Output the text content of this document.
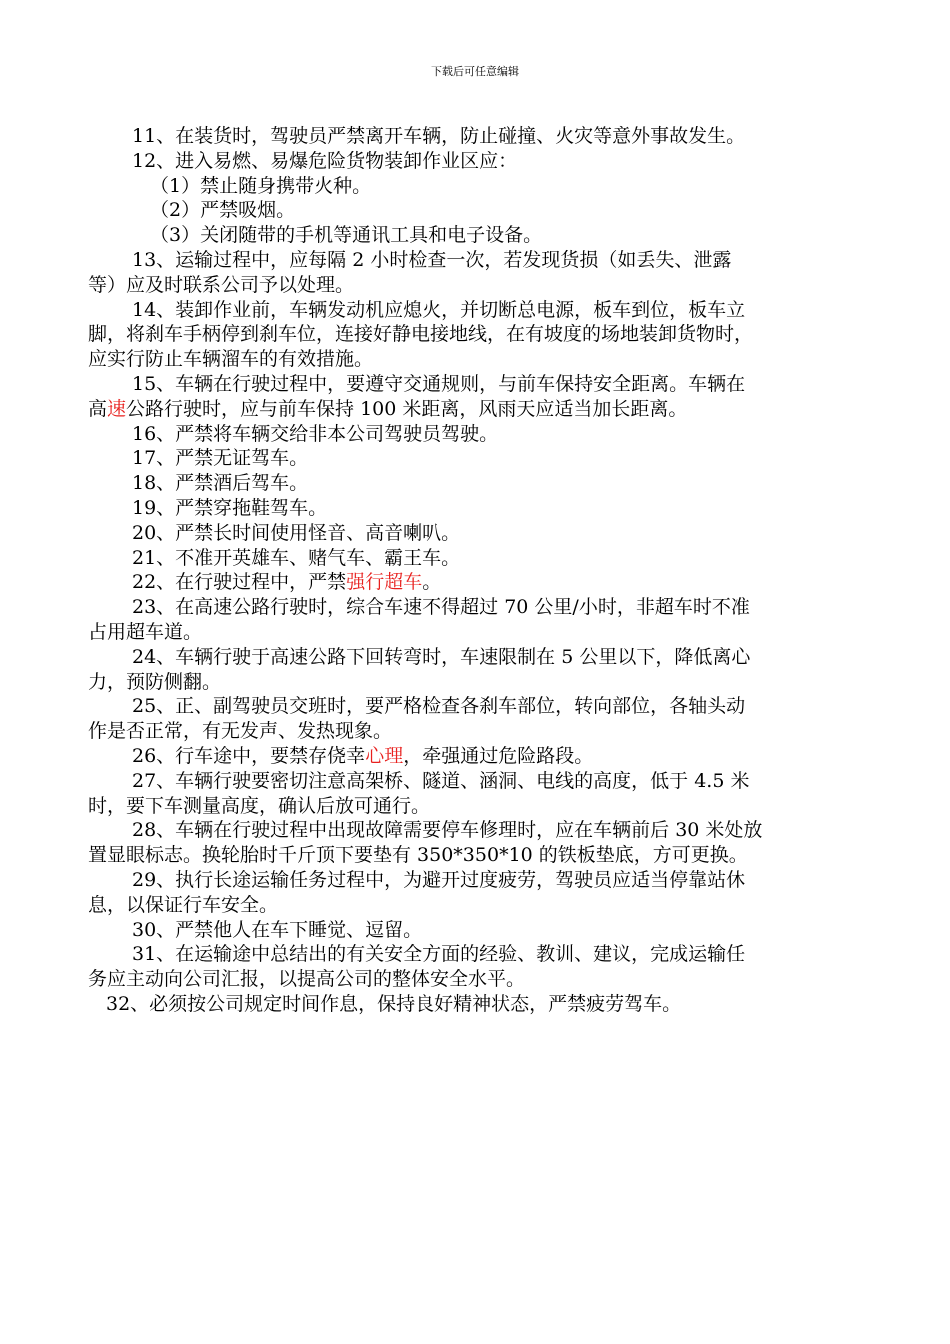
下载后可任意编辑
11、在装货时，驾驶员严禁离开车辆，防止碰撞、火灾等意外事故发生。
12、进入易燃、易爆危险货物装卸作业区应：
（1）禁止随身携带火种。
（2）严禁吸烟。
（3）关闭随带的手机等通讯工具和电子设备。
13、运输过程中，应每隔 2 小时检查一次，若发现货损（如丢失、泄露
等）应及时联系公司予以处理。
14、装卸作业前，车辆发动机应熄火，并切断总电源，板车到位，板车立
脚，将刹车手柄停到刹车位，连接好静电接地线，在有坡度的场地装卸货物时，
应实行防止车辆溜车的有效措施。
15、车辆在行驶过程中，要遵守交通规则，与前车保持安全距离。车辆在
高速公路行驶时，应与前车保持 100 米距离，风雨天应适当加长距离。
16、严禁将车辆交给非本公司驾驶员驾驶。
17、严禁无证驾车。
18、严禁酒后驾车。
19、严禁穿拖鞋驾车。
20、严禁长时间使用怪音、高音喇叭。
21、不准开英雄车、赌气车、霸王车。
22、在行驶过程中，严禁强行超车。
23、在高速公路行驶时，综合车速不得超过 70 公里/小时，非超车时不准
占用超车道。
24、车辆行驶于高速公路下回转弯时，车速限制在 5 公里以下，降低离心
力，预防侧翻。
25、正、副驾驶员交班时，要严格检查各刹车部位，转向部位，各轴头动
作是否正常，有无发声、发热现象。
26、行车途中，要禁存侥幸心理，牵强通过危险路段。
27、车辆行驶要密切注意高架桥、隧道、涵洞、电线的高度，低于 4.5 米
时，要下车测量高度，确认后放可通行。
28、车辆在行驶过程中出现故障需要停车修理时，应在车辆前后 30 米处放
置显眼标志。换轮胎时千斤顶下要垫有 350*350*10 的铁板垫底，方可更换。
29、执行长途运输任务过程中，为避开过度疲劳，驾驶员应适当停靠站休
息，以保证行车安全。
30、严禁他人在车下睡觉、逗留。
31、在运输途中总结出的有关安全方面的经验、教训、建议，完成运输任
务应主动向公司汇报，以提高公司的整体安全水平。
32、必须按公司规定时间作息，保持良好精神状态，严禁疲劳驾车。
